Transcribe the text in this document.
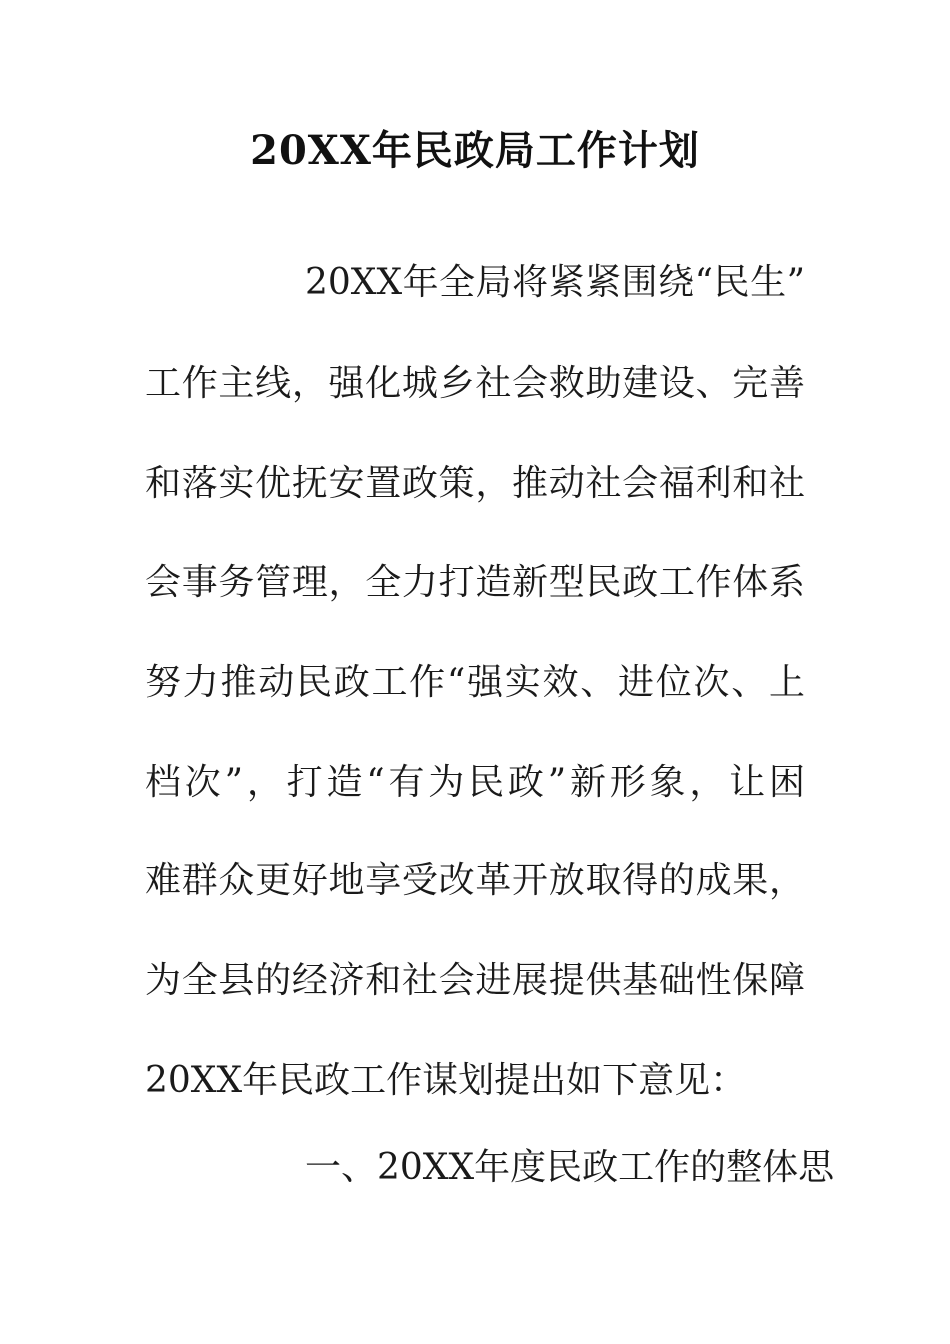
20XX年民政局工作计划
20XX年全局将紧紧围绕“民生”
工作主线，强化城乡社会救助建设、完善
和落实优抚安置政策，推动社会福利和社
会事务管理，全力打造新型民政工作体系
努力推动民政工作“强实效、进位次、上
档次”，打造“有为民政”新形象，让困
难群众更好地享受改革开放取得的成果，
为全县的经济和社会进展提供基础性保障
20XX年民政工作谋划提出如下意见：
一、20XX年度民政工作的整体思
